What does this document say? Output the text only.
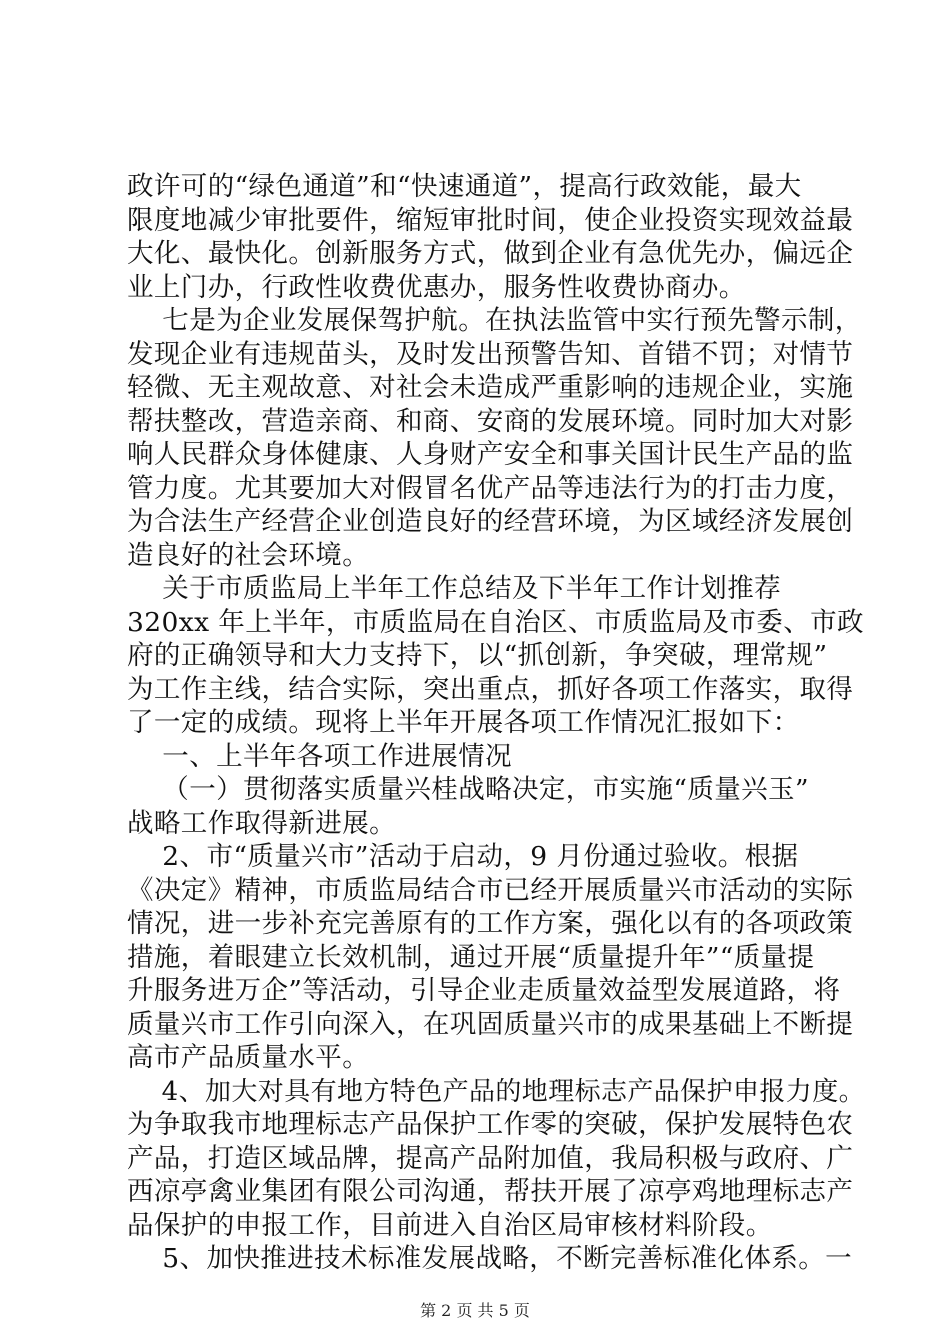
政许可的“绿色通道”和“快速通道”，提高行政效能，最大
限度地减少审批要件，缩短审批时间，使企业投资实现效益最
大化、最快化。创新服务方式，做到企业有急优先办，偏远企
业上门办，行政性收费优惠办，服务性收费协商办。
七是为企业发展保驾护航。在执法监管中实行预先警示制，
发现企业有违规苗头，及时发出预警告知、首错不罚；对情节
轻微、无主观故意、对社会未造成严重影响的违规企业，实施
帮扶整改，营造亲商、和商、安商的发展环境。同时加大对影
响人民群众身体健康、人身财产安全和事关国计民生产品的监
管力度。尤其要加大对假冒名优产品等违法行为的打击力度，
为合法生产经营企业创造良好的经营环境，为区域经济发展创
造良好的社会环境。
关于市质监局上半年工作总结及下半年工作计划推荐
320xx 年上半年，市质监局在自治区、市质监局及市委、市政
府的正确领导和大力支持下，以“抓创新，争突破，理常规”
为工作主线，结合实际，突出重点，抓好各项工作落实，取得
了一定的成绩。现将上半年开展各项工作情况汇报如下：
一、上半年各项工作进展情况
（一）贯彻落实质量兴桂战略决定，市实施“质量兴玉”
战略工作取得新进展。
2、市“质量兴市”活动于启动，9 月份通过验收。根据
《决定》精神，市质监局结合市已经开展质量兴市活动的实际
情况，进一步补充完善原有的工作方案，强化以有的各项政策
措施，着眼建立长效机制，通过开展“质量提升年”“质量提
升服务进万企”等活动，引导企业走质量效益型发展道路，将
质量兴市工作引向深入，在巩固质量兴市的成果基础上不断提
高市产品质量水平。
4、加大对具有地方特色产品的地理标志产品保护申报力度。
为争取我市地理标志产品保护工作零的突破，保护发展特色农
产品，打造区域品牌，提高产品附加值，我局积极与政府、广
西凉亭禽业集团有限公司沟通，帮扶开展了凉亭鸡地理标志产
品保护的申报工作，目前进入自治区局审核材料阶段。
5、加快推进技术标准发展战略，不断完善标准化体系。一
第 2 页 共 5 页
